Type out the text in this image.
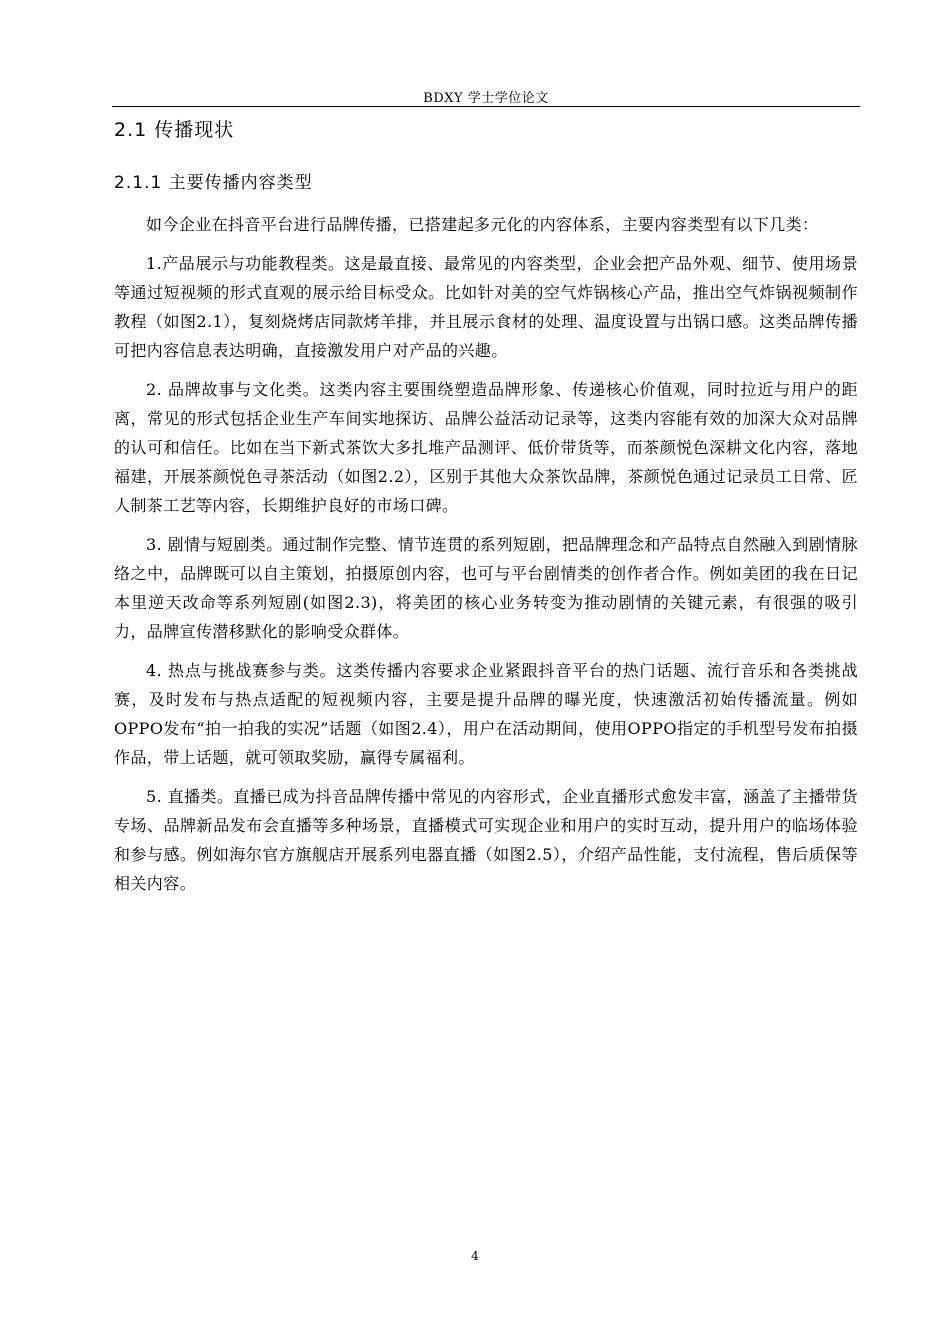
BDXY 学士学位论文
2.1 传播现状
2.1.1 主要传播内容类型

如今企业在抖音平台进行品牌传播，已搭建起多元化的内容体系，主要内容类型有以下几类：

1.产品展示与功能教程类。这是最直接、最常见的内容类型，企业会把产品外观、细节、使用场景等通过短视频的形式直观的展示给目标受众。比如针对美的空气炸锅核心产品，推出空气炸锅视频制作教程（如图2.1），复刻烧烤店同款烤羊排，并且展示食材的处理、温度设置与出锅口感。这类品牌传播可把内容信息表达明确，直接激发用户对产品的兴趣。

2. 品牌故事与文化类。这类内容主要围绕塑造品牌形象、传递核心价值观，同时拉近与用户的距离，常见的形式包括企业生产车间实地探访、品牌公益活动记录等，这类内容能有效的加深大众对品牌的认可和信任。比如在当下新式茶饮大多扎堆产品测评、低价带货等，而茶颜悦色深耕文化内容，落地福建，开展茶颜悦色寻茶活动（如图2.2），区别于其他大众茶饮品牌，茶颜悦色通过记录员工日常、匠人制茶工艺等内容，长期维护良好的市场口碑。

3. 剧情与短剧类。通过制作完整、情节连贯的系列短剧，把品牌理念和产品特点自然融入到剧情脉络之中，品牌既可以自主策划，拍摄原创内容，也可与平台剧情类的创作者合作。例如美团的我在日记本里逆天改命等系列短剧(如图2.3)，将美团的核心业务转变为推动剧情的关键元素，有很强的吸引力，品牌宣传潜移默化的影响受众群体。

4. 热点与挑战赛参与类。这类传播内容要求企业紧跟抖音平台的热门话题、流行音乐和各类挑战赛，及时发布与热点适配的短视频内容，主要是提升品牌的曝光度，快速激活初始传播流量。例如OPPO发布“拍一拍我的实况”话题（如图2.4），用户在活动期间，使用OPPO指定的手机型号发布拍摄作品，带上话题，就可领取奖励，赢得专属福利。

5. 直播类。直播已成为抖音品牌传播中常见的内容形式，企业直播形式愈发丰富，涵盖了主播带货专场、品牌新品发布会直播等多种场景，直播模式可实现企业和用户的实时互动，提升用户的临场体验和参与感。例如海尔官方旗舰店开展系列电器直播（如图2.5），介绍产品性能，支付流程，售后质保等相关内容。

4
